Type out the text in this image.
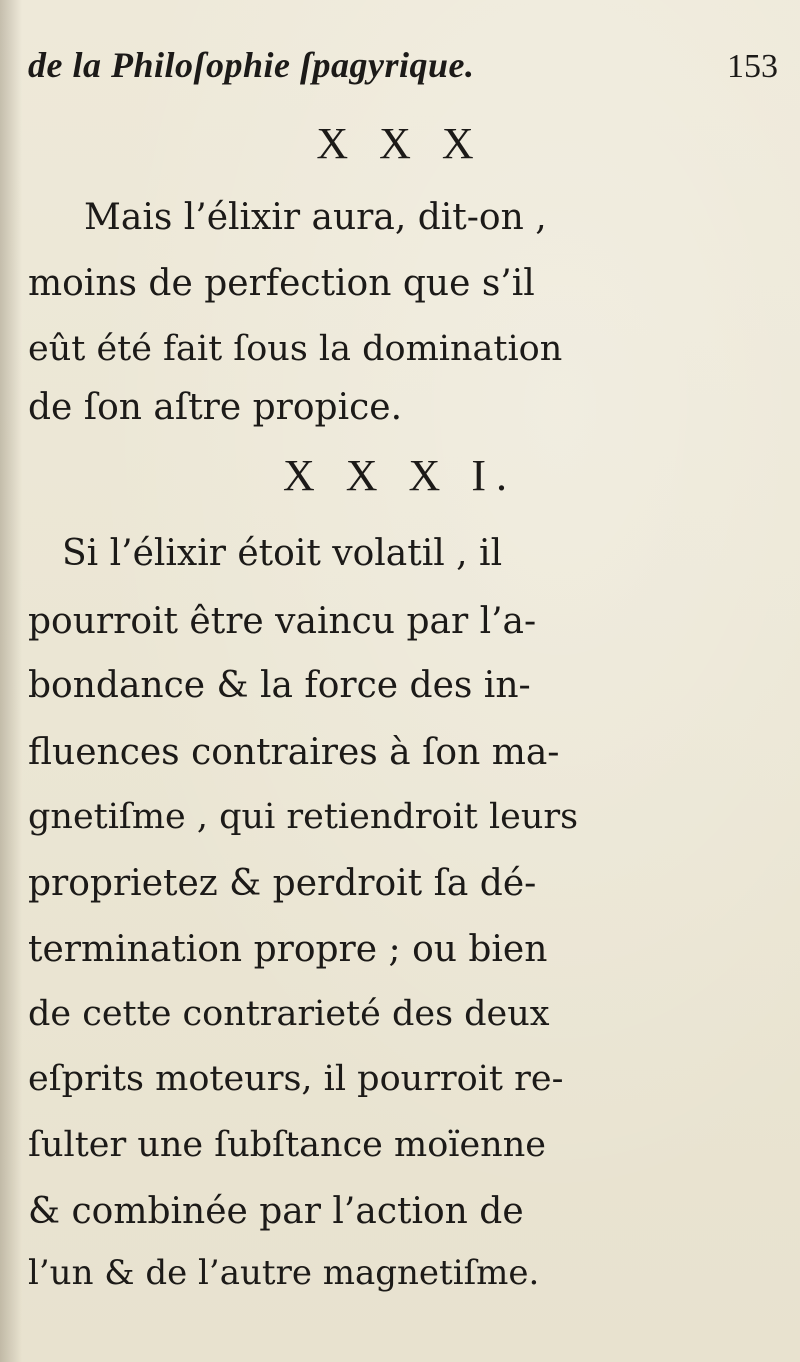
de la Philoſophie ſpagyrique.	153
X X X
Mais l’élixir aura, dit-on ,
moins de perfection que s’il
eût été fait ſous la domination
de ſon aſtre propice.
X X X I.
Si l’élixir étoit volatil , il
pourroit être vaincu par l’a-
bondance & la force des in-
fluences contraires à ſon ma-
gnetiſme , qui retiendroit leurs
proprietez & perdroit ſa dé-
termination propre ; ou bien
de cette contrarieté des deux
eſprits moteurs, il pourroit re-
ſulter une ſubſtance moïenne
& combinée par l’action de
l’un & de l’autre magnetiſme.
